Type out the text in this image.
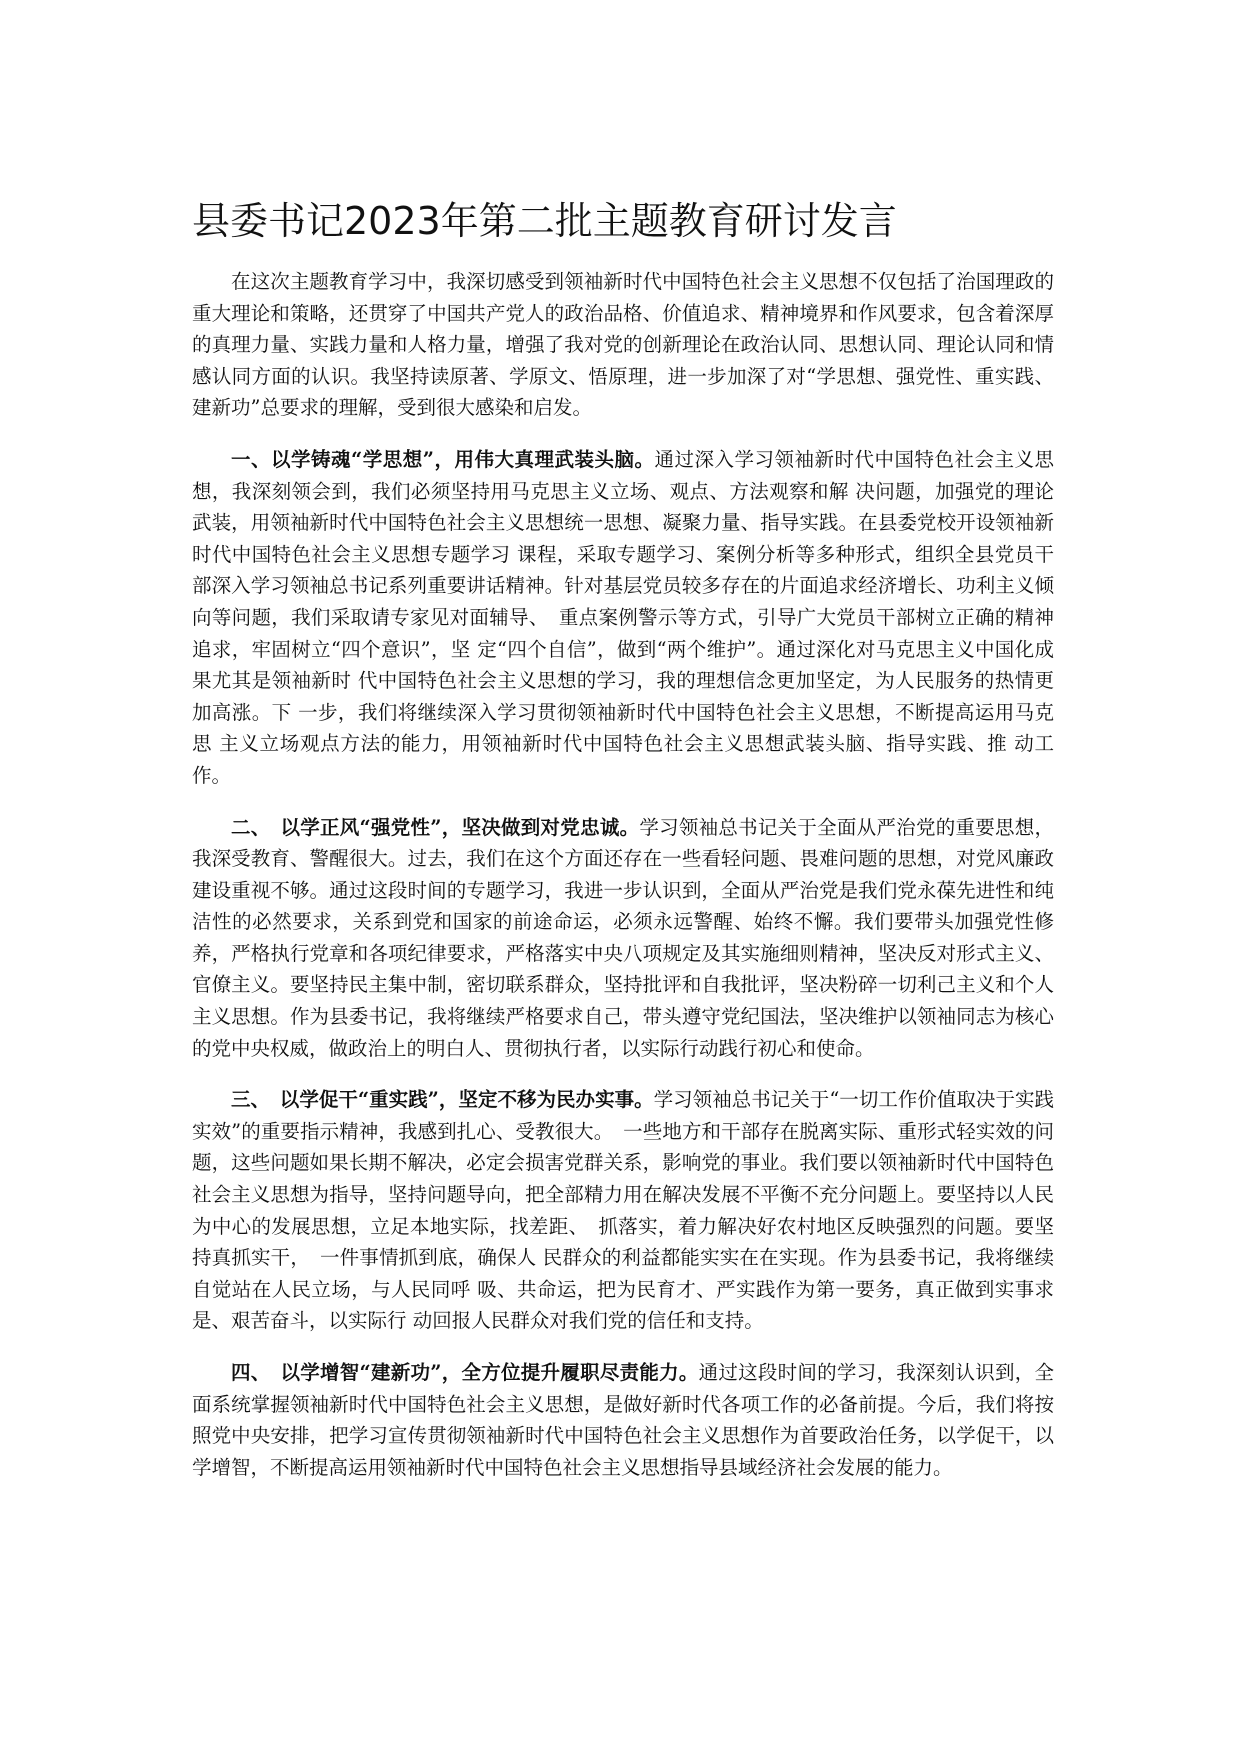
县委书记2023年第二批主题教育研讨发言

在这次主题教育学习中，我深切感受到领袖新时代中国特色社会主义思想不仅包括了治国理政的重大理论和策略，还贯穿了中国共产党人的政治品格、价值追求、精神境界和作风要求，包含着深厚的真理力量、实践力量和人格力量，增强了我对党的创新理论在政治认同、思想认同、理论认同和情感认同方面的认识。我坚持读原著、学原文、悟原理，进一步加深了对“学思想、强党性、重实践、建新功”总要求的理解，受到很大感染和启发。

一、以学铸魂“学思想”，用伟大真理武装头脑。通过深入学习领袖新时代中国特色社会主义思想，我深刻领会到，我们必须坚持用马克思主义立场、观点、方法观察和解 决问题，加强党的理论武装，用领袖新时代中国特色社会主义思想统一思想、凝聚力量、指导实践。在县委党校开设领袖新时代中国特色社会主义思想专题学习 课程，采取专题学习、案例分析等多种形式，组织全县党员干部深入学习领袖总书记系列重要讲话精神。针对基层党员较多存在的片面追求经济增长、功利主义倾向等问题，我们采取请专家见对面辅导、　重点案例警示等方式，引导广大党员干部树立正确的精神追求，牢固树立“四个意识”，坚 定“四个自信”，做到“两个维护”。通过深化对马克思主义中国化成果尤其是领袖新时 代中国特色社会主义思想的学习，我的理想信念更加坚定，为人民服务的热情更加高涨。下 一步，我们将继续深入学习贯彻领袖新时代中国特色社会主义思想，不断提高运用马克思 主义立场观点方法的能力，用领袖新时代中国特色社会主义思想武装头脑、指导实践、推 动工作。

二、　以学正风“强党性”，坚决做到对党忠诚。学习领袖总书记关于全面从严治党的重要思想，我深受教育、警醒很大。过去，我们在这个方面还存在一些看轻问题、畏难问题的思想，对党风廉政建设重视不够。通过这段时间的专题学习，我进一步认识到，全面从严治党是我们党永葆先进性和纯洁性的必然要求，关系到党和国家的前途命运，必须永远警醒、始终不懈。我们要带头加强党性修养，严格执行党章和各项纪律要求，严格落实中央八项规定及其实施细则精神，坚决反对形式主义、官僚主义。要坚持民主集中制，密切联系群众，坚持批评和自我批评，坚决粉碎一切利己主义和个人主义思想。作为县委书记，我将继续严格要求自己，带头遵守党纪国法，坚决维护以领袖同志为核心的党中央权威，做政治上的明白人、贯彻执行者，以实际行动践行初心和使命。

三、　以学促干“重实践”，坚定不移为民办实事。学习领袖总书记关于“一切工作价值取决于实践实效”的重要指示精神，我感到扎心、受教很大。　一些地方和干部存在脱离实际、重形式轻实效的问题，这些问题如果长期不解决，必定会损害党群关系，影响党的事业。我们要以领袖新时代中国特色社会主义思想为指导，坚持问题导向，把全部精力用在解决发展不平衡不充分问题上。要坚持以人民为中心的发展思想，立足本地实际，找差距、　抓落实，着力解决好农村地区反映强烈的问题。要坚持真抓实干，　一件事情抓到底，确保人 民群众的利益都能实实在在实现。作为县委书记，我将继续自觉站在人民立场，与人民同呼 吸、共命运，把为民育才、严实践作为第一要务，真正做到实事求是、艰苦奋斗，以实际行 动回报人民群众对我们党的信任和支持。

四、　以学增智“建新功”，全方位提升履职尽责能力。通过这段时间的学习，我深刻认识到，全面系统掌握领袖新时代中国特色社会主义思想，是做好新时代各项工作的必备前提。今后，我们将按照党中央安排，把学习宣传贯彻领袖新时代中国特色社会主义思想作为首要政治任务，以学促干，以学增智，不断提高运用领袖新时代中国特色社会主义思想指导县域经济社会发展的能力。
